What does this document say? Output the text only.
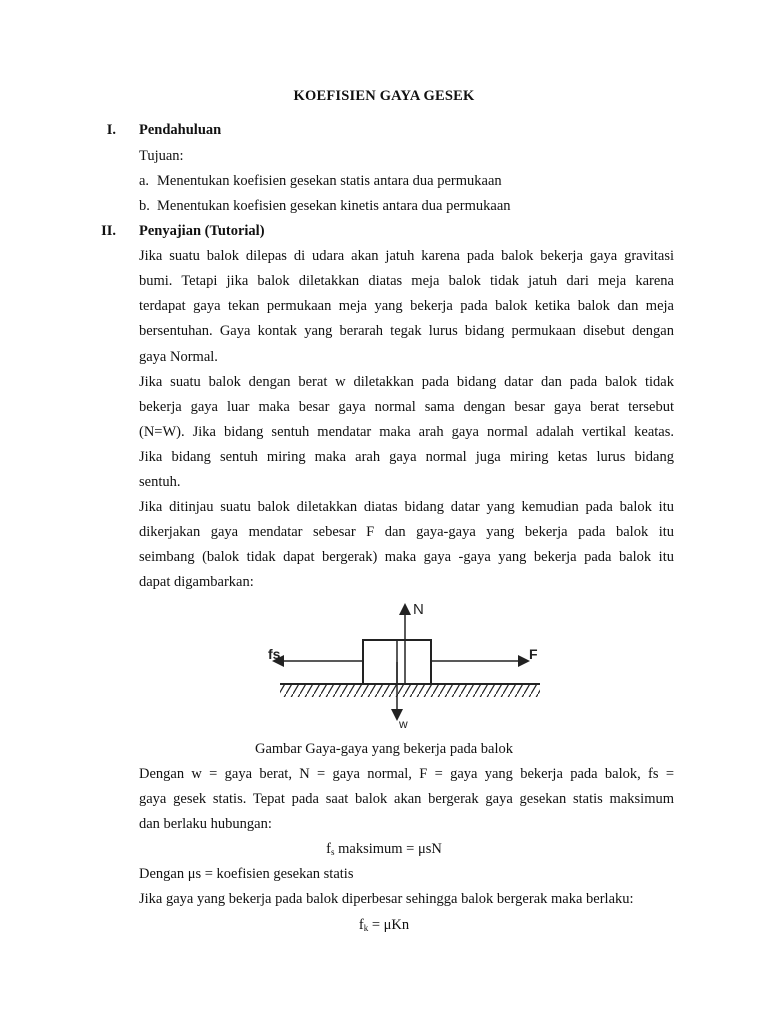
KOEFISIEN GAYA GESEK
I. Pendahuluan
Tujuan:
a. Menentukan koefisien gesekan statis antara dua permukaan
b. Menentukan koefisien gesekan kinetis antara dua permukaan
II. Penyajian (Tutorial)
Jika suatu balok dilepas di udara akan jatuh karena pada balok bekerja gaya gravitasi
bumi. Tetapi jika balok diletakkan diatas meja balok tidak jatuh dari meja karena
terdapat gaya tekan permukaan meja yang bekerja pada balok ketika balok dan meja
bersentuhan. Gaya kontak yang berarah tegak lurus bidang permukaan disebut dengan
gaya Normal.
Jika suatu balok dengan berat w diletakkan pada bidang datar dan pada balok tidak
bekerja gaya luar maka besar gaya normal sama dengan besar gaya berat tersebut
(N=W). Jika bidang sentuh mendatar maka arah gaya normal adalah vertikal keatas.
Jika bidang sentuh miring maka arah gaya normal juga miring ketas lurus bidang
sentuh.
Jika ditinjau suatu balok diletakkan diatas bidang datar yang kemudian pada balok itu
dikerjakan gaya mendatar sebesar F dan gaya-gaya yang bekerja pada balok itu
seimbang (balok tidak dapat bergerak) maka gaya -gaya yang bekerja pada balok itu
dapat digambarkan:
N
fs	F
w
Gambar Gaya-gaya yang bekerja pada balok
Dengan w = gaya berat, N = gaya normal, F = gaya yang bekerja pada balok, fs =
gaya gesek statis. Tepat pada saat balok akan bergerak gaya gesekan statis maksimum
dan berlaku hubungan:
$f_s$ maksimum = μsN
Dengan μs = koefisien gesekan statis
Jika gaya yang bekerja pada balok diperbesar sehingga balok bergerak maka berlaku:
$f_k = \mu Kn$
